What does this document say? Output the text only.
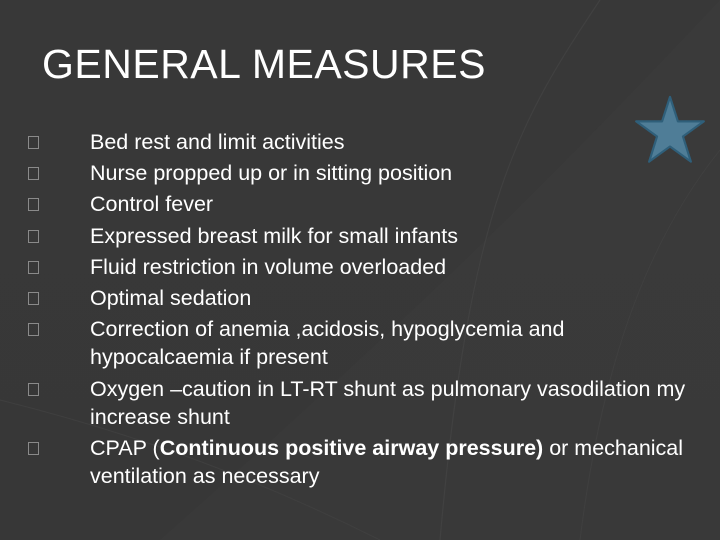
GENERAL MEASURES
Bed rest and limit activities
Nurse propped up or in sitting position
Control fever
Expressed breast milk for small infants
Fluid restriction in volume overloaded
Optimal sedation
Correction of anemia ,acidosis, hypoglycemia and hypocalcaemia if present
Oxygen –caution in LT-RT shunt as pulmonary vasodilation my increase shunt
CPAP (Continuous positive airway pressure) or mechanical ventilation as necessary
